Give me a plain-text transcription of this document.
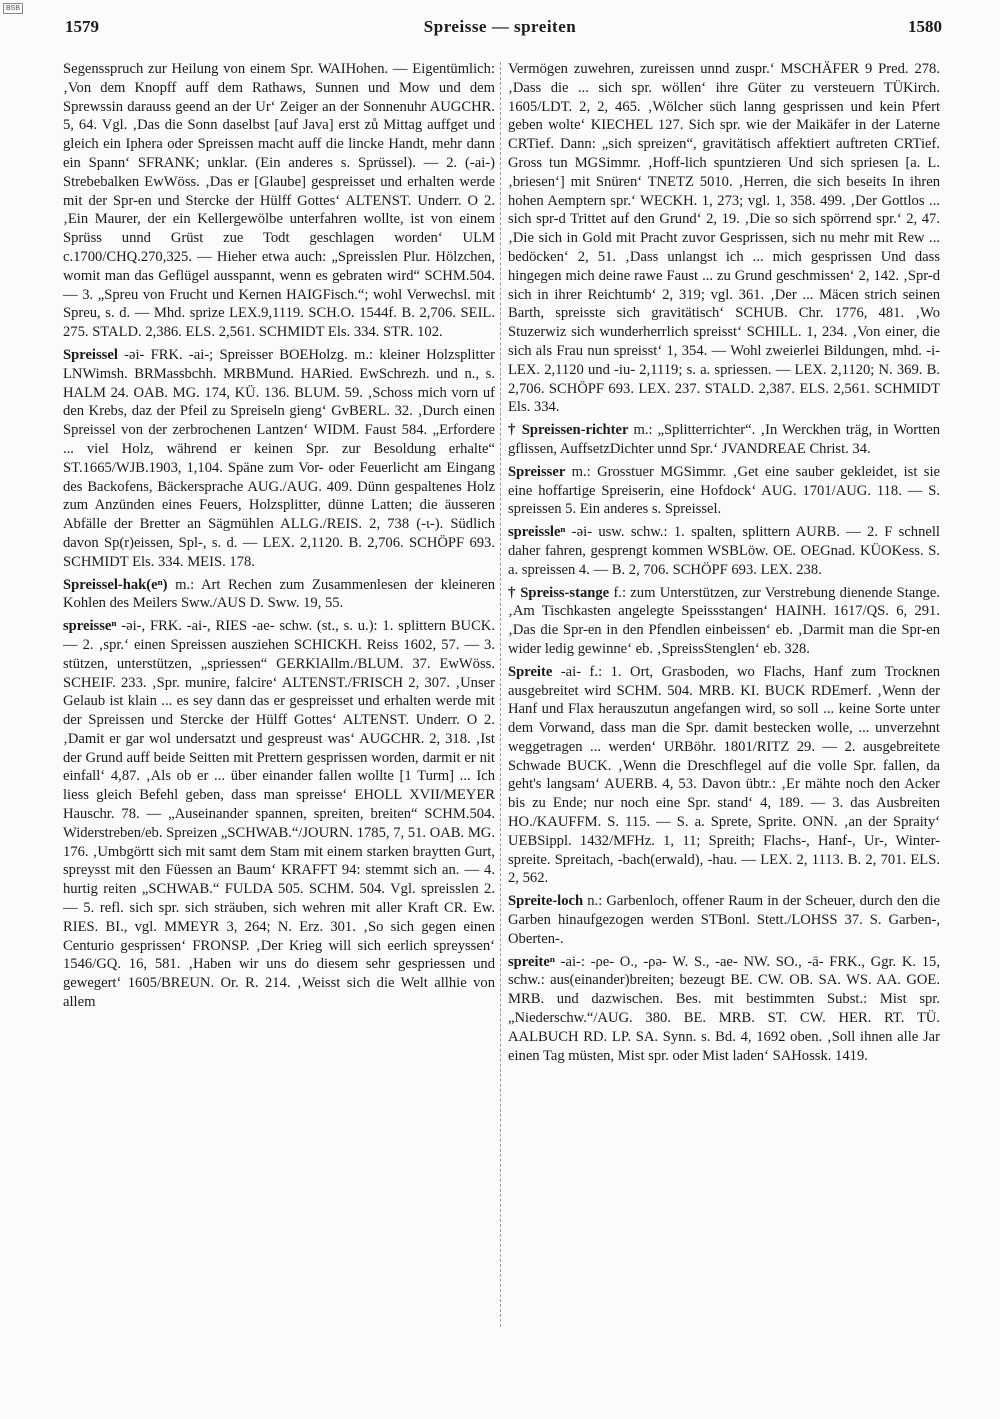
BSB
1579	Spreisse — spreiten	1580

Segensspruch zur Heilung von einem Spr. WAIHohen. — Eigentümlich: ‚Von dem Knopff auff dem Rathaws, Sunnen und Mow und dem Sprewssin darauss geend an der Ur‘ Zeiger an der Sonnenuhr AUGCHR. 5, 64. Vgl. ‚Das die Sonn daselbst [auf Java] erst zů Mittag auffget und gleich ein Iphera oder Spreissen macht auff die lincke Handt, mehr dann ein Spann‘ SFRANK; unklar. (Ein anderes s. Sprüssel). — 2. (-ai-) Strebebalken EwWöss. ‚Das er [Glaube] gespreisset und erhalten werde mit der Spr-en und Stercke der Hülff Gottes‘ ALTENST. Underr. O 2. ‚Ein Maurer, der ein Kellergewölbe unterfahren wollte, ist von einem Sprüss unnd Grüst zue Todt geschlagen worden‘ ULM c.1700/CHQ.270,325. — Hieher etwa auch: „Spreisslen Plur. Hölzchen, womit man das Geflügel ausspannt, wenn es gebraten wird“ SCHM.504. — 3. „Spreu von Frucht und Kernen HAIGFisch.“; wohl Verwechsl. mit Spreu, s. d. — Mhd. sprize LEX.9,1119. SCH.O. 1544f. B. 2,706. SEIL. 275. STALD. 2,386. ELS. 2,561. SCHMIDT Els. 334. STR. 102.

Spreissel -əi- FRK. -ai-; Spreisser BOEHolzg. m.: kleiner Holzsplitter LNWimsh. BRMassbchh. MRBMund. HARied. EwSchrezh. und n., s. HALM 24. OAB. MG. 174, KÜ. 136. BLUM. 59. ‚Schoss mich vorn uf den Krebs, daz der Pfeil zu Spreiseln gieng‘ GvBERL. 32. ‚Durch einen Spreissel von der zerbrochenen Lantzen‘ WIDM. Faust 584. „Erfordere ... viel Holz, während er keinen Spr. zur Besoldung erhalte“ ST.1665/WJB.1903, 1,104. Späne zum Vor- oder Feuerlicht am Eingang des Backofens, Bäckersprache AUG./AUG. 409. Dünn gespaltenes Holz zum Anzünden eines Feuers, Holzsplitter, dünne Latten; die äusseren Abfälle der Bretter an Sägmühlen ALLG./REIS. 2, 738 (-ɩ-). Südlich davon Sp(r)eissen, Spl-, s. d. — LEX. 2,1120. B. 2,706. SCHÖPF 693. SCHMIDT Els. 334. MEIS. 178.

Spreissel-hak(eⁿ) m.: Art Rechen zum Zusammenlesen der kleineren Kohlen des Meilers Sww./AUS D. Sww. 19, 55.

spreisseⁿ -əi-, FRK. -ai-, RIES -ae- schw. (st., s. u.): 1. splittern BUCK. — 2. ‚spr.‘ einen Spreissen ausziehen SCHICKH. Reiss 1602, 57. — 3. stützen, unterstützen, „spriessen“ GERKlAllm./BLUM. 37. EwWöss. SCHEIF. 233. ‚Spr. munire, falcire‘ ALTENST./FRISCH 2, 307. ‚Unser Gelaub ist klain ... es sey dann das er gespreisset und erhalten werde mit der Spreissen und Stercke der Hülff Gottes‘ ALTENST. Underr. O 2. ‚Damit er gar wol undersatzt und gespreust was‘ AUGCHR. 2, 318. ‚Ist der Grund auff beide Seitten mit Prettern gesprissen worden, darmit er nit einfall‘ 4,87. ‚Als ob er ... über einander fallen wollte [1 Turm] ... Ich liess gleich Befehl geben, dass man spreisse‘ EHOLL XVII/MEYER Hauschr. 78. — „Auseinander spannen, spreiten, breiten“ SCHM.504. Widerstreben/eb. Spreizen „SCHWAB.“/JOURN. 1785, 7, 51. OAB. MG. 176. ‚Umbgörtt sich mit samt dem Stam mit einem starken braytten Gurt, spreysst mit den Füessen an Baum‘ KRAFFT 94: stemmt sich an. — 4. hurtig reiten „SCHWAB.“ FULDA 505. SCHM. 504. Vgl. spreisslen 2. — 5. refl. sich spr. sich sträuben, sich wehren mit aller Kraft CR. Ew. RIES. BI., vgl. MMEYR 3, 264; N. Erz. 301. ‚So sich gegen einen Centurio gesprissen‘ FRONSP. ‚Der Krieg will sich eerlich spreyssen‘ 1546/GQ. 16, 581. ‚Haben wir uns do diesem sehr gespriessen und gewegert‘ 1605/BREUN. Or. R. 214. ‚Weisst sich die Welt allhie von allem

Vermögen zuwehren, zureissen unnd zuspr.‘ MSCHÄFER 9 Pred. 278. ‚Dass die ... sich spr. wöllen‘ ihre Güter zu versteuern TÜKirch. 1605/LDT. 2, 2, 465. ‚Wölcher süch lanng gesprissen und kein Pfert geben wolte‘ KIECHEL 127. Sich spr. wie der Maikäfer in der Laterne CRTief. Dann: „sich spreizen“, gravitätisch affektiert auftreten CRTief. Gross tun MGSimmr. ‚Hoff-lich spuntzieren Und sich spriesen [a. L. ‚briesen‘] mit Snüren‘ TNETZ 5010. ‚Herren, die sich beseits In ihren hohen Aemptern spr.‘ WECKH. 1, 273; vgl. 1, 358. 499. ‚Der Gottlos ... sich spr-d Trittet auf den Grund‘ 2, 19. ‚Die so sich spörrend spr.‘ 2, 47. ‚Die sich in Gold mit Pracht zuvor Gesprissen, sich nu mehr mit Rew ... bedöcken‘ 2, 51. ‚Dass unlangst ich ... mich gesprissen Und dass hingegen mich deine rawe Faust ... zu Grund geschmissen‘ 2, 142. ‚Spr-d sich in ihrer Reichtumb‘ 2, 319; vgl. 361. ‚Der ... Mäcen strich seinen Barth, spreisste sich gravitätisch‘ SCHUB. Chr. 1776, 481. ‚Wo Stuzerwiz sich wunderherrlich spreisst‘ SCHILL. 1, 234. ‚Von einer, die sich als Frau nun spreisst‘ 1, 354. — Wohl zweierlei Bildungen, mhd. -i- LEX. 2,1120 und -iu- 2,1119; s. a. spriessen. — LEX. 2,1120; N. 369. B. 2,706. SCHÖPF 693. LEX. 237. STALD. 2,387. ELS. 2,561. SCHMIDT Els. 334.

† Spreissen-richter m.: „Splitterrichter“. ‚In Werckhen träg, in Wortten gflissen, AuffsetzDichter unnd Spr.‘ JVANDREAE Christ. 34.

Spreisser m.: Grosstuer MGSimmr. ‚Get eine sauber gekleidet, ist sie eine hoffartige Spreiserin, eine Hofdock‘ AUG. 1701/AUG. 118. — S. spreissen 5. Ein anderes s. Spreissel.

spreissleⁿ -əi- usw. schw.: 1. spalten, splittern AURB. — 2. F schnell daher fahren, gesprengt kommen WSBLöw. OE. OEGnad. KÜOKess. S. a. spreissen 4. — B. 2, 706. SCHÖPF 693. LEX. 238.

† Spreiss-stange f.: zum Unterstützen, zur Verstrebung dienende Stange. ‚Am Tischkasten angelegte Speissstangen‘ HAINH. 1617/QS. 6, 291. ‚Das die Spr-en in den Pfendlen einbeissen‘ eb. ‚Darmit man die Spr-en wider ledig gewinne‘ eb. ‚SpreissStenglen‘ eb. 328.

Spreite -ai- f.: 1. Ort, Grasboden, wo Flachs, Hanf zum Trocknen ausgebreitet wird SCHM. 504. MRB. KI. BUCK RDEmerf. ‚Wenn der Hanf und Flax herauszutun angefangen wird, so soll ... keine Sorte unter dem Vorwand, dass man die Spr. damit bestecken wolle, ... unverzehnt weggetragen ... werden‘ URBöhr. 1801/RITZ 29. — 2. ausgebreitete Schwade BUCK. ‚Wenn die Dreschflegel auf die volle Spr. fallen, da geht's langsam‘ AUERB. 4, 53. Davon übtr.: ‚Er mähte noch den Acker bis zu Ende; nur noch eine Spr. stand‘ 4, 189. — 3. das Ausbreiten HO./KAUFFM. S. 115. — S. a. Sprete, Sprite. ONN. ‚an der Spraity‘ UEBSippl. 1432/MFHz. 1, 11; Spreith; Flachs-, Hanf-, Ur-, Winter-spreite. Spreitach, -bach(erwald), -hau. — LEX. 2, 1113. B. 2, 701. ELS. 2, 562.

Spreite-loch n.: Garbenloch, offener Raum in der Scheuer, durch den die Garben hinaufgezogen werden STBonl. Stett./LOHSS 37. S. Garben-, Oberten-.

spreiteⁿ -ai-: -ρe- O., -ρə- W. S., -ae- NW. SO., -ā- FRK., Ggr. K. 15, schw.: aus(einander)breiten; bezeugt BE. CW. OB. SA. WS. AA. GOE. MRB. und dazwischen. Bes. mit bestimmten Subst.: Mist spr. „Niederschw.“/AUG. 380. BE. MRB. ST. CW. HER. RT. TÜ. AALBUCH RD. LP. SA. Synn. s. Bd. 4, 1692 oben. ‚Soll ihnen alle Jar einen Tag müsten, Mist spr. oder Mist laden‘ SAHossk. 1419.
